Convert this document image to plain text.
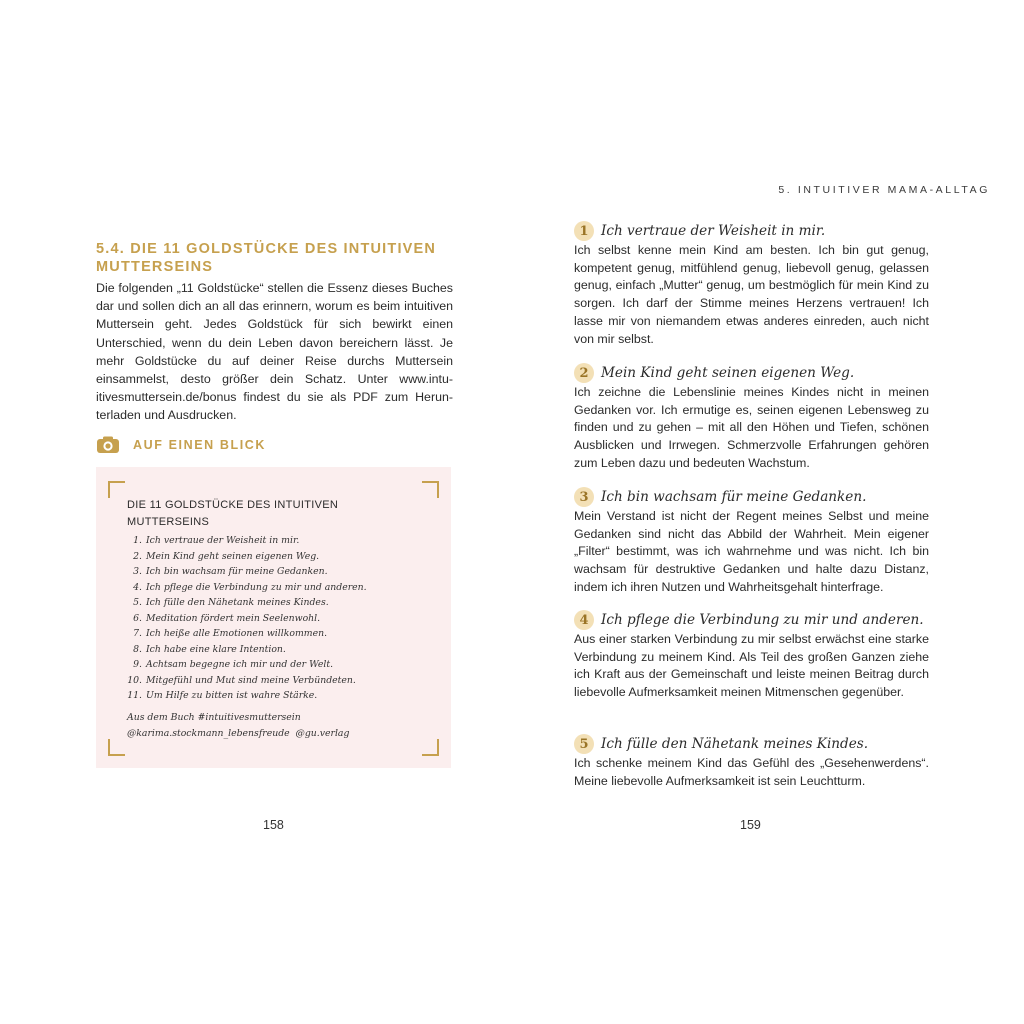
5.4. DIE 11 GOLDSTÜCKE DES INTUITIVEN
MUTTERSEINS

Die folgenden „11 Goldstücke“ stellen die Essenz dieses Buches dar und sollen dich an all das erinnern, worum es beim intuitiven Muttersein geht. Jedes Goldstück für sich bewirkt einen Unterschied, wenn du dein Leben davon bereichern lässt. Je mehr Goldstücke du auf deiner Reise durchs Muttersein einsammelst, desto größer dein Schatz. Unter www.intuitivesmuttersein.de/bonus findest du sie als PDF zum Herunterladen und Ausdrucken.

AUF EINEN BLICK
DIE 11 GOLDSTÜCKE DES INTUITIVEN
MUTTERSEINS
1. Ich vertraue der Weisheit in mir.
2. Mein Kind geht seinen eigenen Weg.
3. Ich bin wachsam für meine Gedanken.
4. Ich pflege die Verbindung zu mir und anderen.
5. Ich fülle den Nähetank meines Kindes.
6. Meditation fördert mein Seelenwohl.
7. Ich heiße alle Emotionen willkommen.
8. Ich habe eine klare Intention.
9. Achtsam begegne ich mir und der Welt.
10. Mitgefühl und Mut sind meine Verbündeten.
11. Um Hilfe zu bitten ist wahre Stärke.
Aus dem Buch #intuitivesmuttersein
@karima.stockmann_lebensfreude  @gu.verlag
158
5. INTUITIVER MAMA-ALLTAG
1 Ich vertraue der Weisheit in mir.

Ich selbst kenne mein Kind am besten. Ich bin gut genug, kompetent genug, mitfühlend genug, liebevoll genug, gelassen genug, einfach „Mutter“ genug, um bestmöglich für mein Kind zu sorgen. Ich darf der Stimme meines Herzens vertrauen! Ich lasse mir von niemandem etwas anderes einreden, auch nicht von mir selbst.

2 Mein Kind geht seinen eigenen Weg.

Ich zeichne die Lebenslinie meines Kindes nicht in meinen Gedanken vor. Ich ermutige es, seinen eigenen Lebensweg zu finden und zu gehen – mit all den Höhen und Tiefen, schönen Ausblicken und Irrwegen. Schmerzvolle Erfahrungen gehören zum Leben dazu und bedeuten Wachstum.

3 Ich bin wachsam für meine Gedanken.

Mein Verstand ist nicht der Regent meines Selbst und meine Gedanken sind nicht das Abbild der Wahrheit. Mein eigener „Filter“ bestimmt, was ich wahrnehme und was nicht. Ich bin wachsam für destruktive Gedanken und halte dazu Distanz, indem ich ihren Nutzen und Wahrheitsgehalt hinterfrage.

4 Ich pflege die Verbindung zu mir und anderen.

Aus einer starken Verbindung zu mir selbst erwächst eine starke Verbindung zu meinem Kind. Als Teil des großen Ganzen ziehe ich Kraft aus der Gemeinschaft und leiste meinen Beitrag durch liebevolle Aufmerksamkeit meinen Mitmenschen gegenüber.

5 Ich fülle den Nähetank meines Kindes.

Ich schenke meinem Kind das Gefühl des „Gesehenwerdens“. Meine liebevolle Aufmerksamkeit ist sein Leuchtturm.

159
